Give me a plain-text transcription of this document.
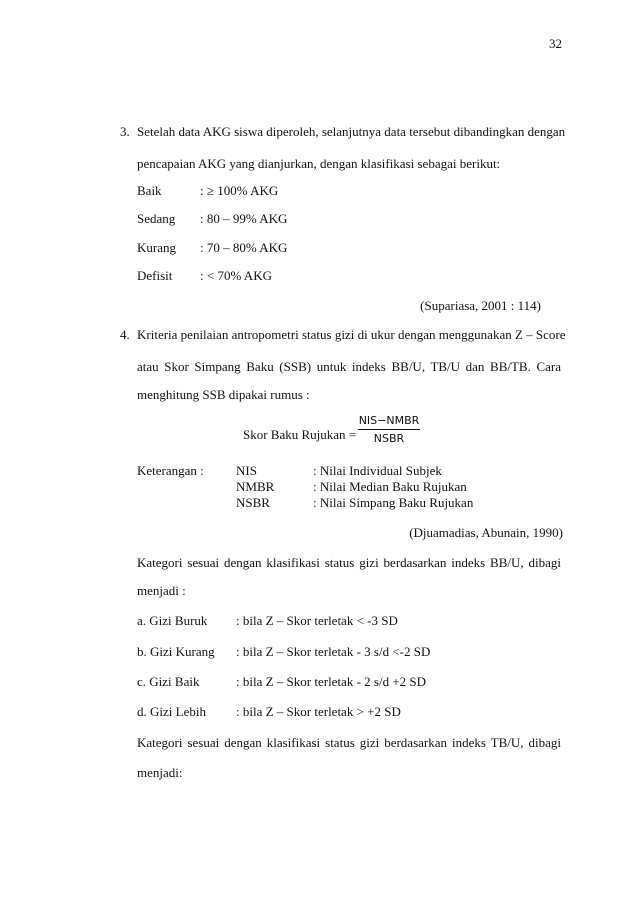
32
3. Setelah data AKG siswa diperoleh, selanjutnya data tersebut dibandingkan dengan
pencapaian AKG yang dianjurkan, dengan klasifikasi sebagai berikut:
Baik	: ≥ 100% AKG
Sedang : 80 – 99% AKG
Kurang : 70 – 80% AKG
Defisit : < 70% AKG
(Supariasa, 2001 : 114)
4. Kriteria penilaian antropometri status gizi di ukur dengan menggunakan Z – Score
atau Skor Simpang Baku (SSB) untuk indeks BB/U, TB/U dan BB/TB. Cara
menghitung SSB dipakai rumus :
Skor Baku Rujukan =
NIS−NMBR
NSBR
Keterangan : NIS	: Nilai Individual Subjek
NMBR	: Nilai Median Baku Rujukan
NSBR	: Nilai Simpang Baku Rujukan
(Djuamadias, Abunain, 1990)
Kategori sesuai dengan klasifikasi status gizi berdasarkan indeks BB/U, dibagi
menjadi :
a. Gizi Buruk : bila Z – Skor terletak < -3 SD
b. Gizi Kurang : bila Z – Skor terletak - 3 s/d <-2 SD
c. Gizi Baik	: bila Z – Skor terletak - 2 s/d +2 SD
d. Gizi Lebih : bila Z – Skor terletak > +2 SD
Kategori sesuai dengan klasifikasi status gizi berdasarkan indeks TB/U, dibagi
menjadi:
